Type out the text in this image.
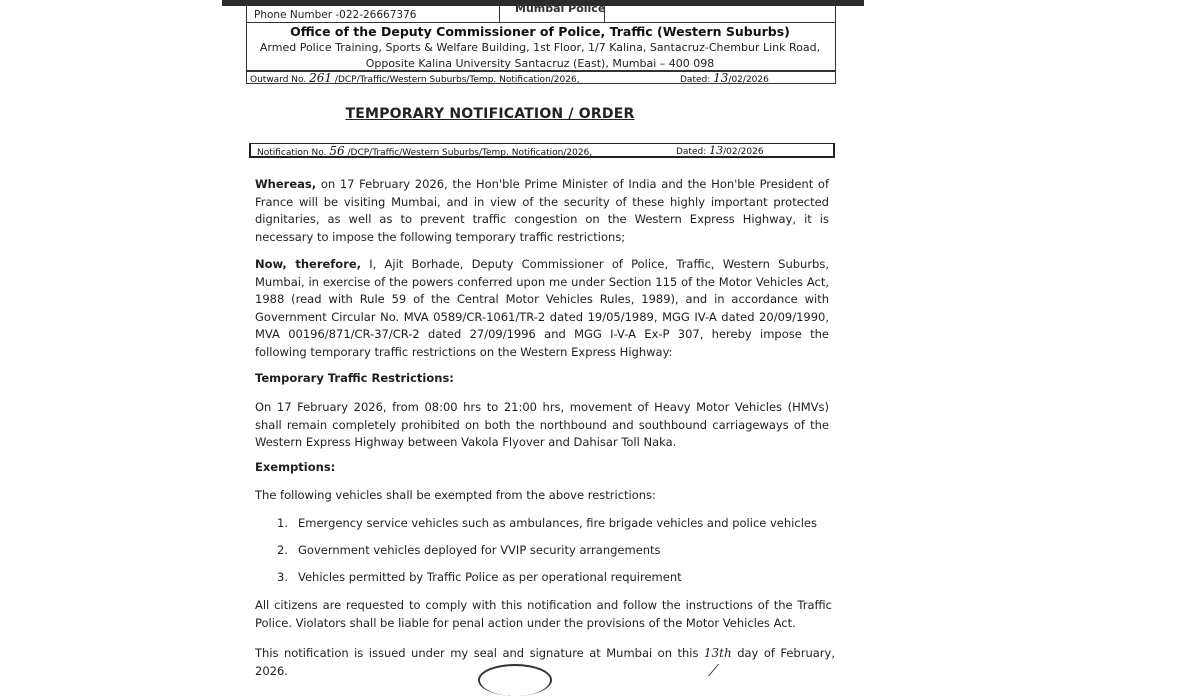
Phone Number -022-26667376	Mumbai Police
Office of the Deputy Commissioner of Police, Traffic (Western Suburbs)
Armed Police Training, Sports & Welfare Building, 1st Floor, 1/7 Kalina, Santacruz-Chembur Link Road,
Opposite Kalina University Santacruz (East), Mumbai – 400 098
Outward No. 261 /DCP/Traffic/Western Suburbs/Temp. Notification/2026,	Dated: 13/02/2026
TEMPORARY NOTIFICATION / ORDER
Notification No. 56 /DCP/Traffic/Western Suburbs/Temp. Notification/2026,	Dated: 13/02/2026
Whereas, on 17 February 2026, the Hon'ble Prime Minister of India and the Hon'ble President of France will be visiting Mumbai, and in view of the security of these highly important protected dignitaries, as well as to prevent traffic congestion on the Western Express Highway, it is necessary to impose the following temporary traffic restrictions;
Now, therefore, I, Ajit Borhade, Deputy Commissioner of Police, Traffic, Western Suburbs, Mumbai, in exercise of the powers conferred upon me under Section 115 of the Motor Vehicles Act, 1988 (read with Rule 59 of the Central Motor Vehicles Rules, 1989), and in accordance with Government Circular No. MVA 0589/CR-1061/TR-2 dated 19/05/1989, MGG IV-A dated 20/09/1990, MVA 00196/871/CR-37/CR-2 dated 27/09/1996 and MGG I-V-A Ex-P 307, hereby impose the following temporary traffic restrictions on the Western Express Highway:
Temporary Traffic Restrictions:
On 17 February 2026, from 08:00 hrs to 21:00 hrs, movement of Heavy Motor Vehicles (HMVs) shall remain completely prohibited on both the northbound and southbound carriageways of the Western Express Highway between Vakola Flyover and Dahisar Toll Naka.
Exemptions:
The following vehicles shall be exempted from the above restrictions:
1. Emergency service vehicles such as ambulances, fire brigade vehicles and police vehicles
2. Government vehicles deployed for VVIP security arrangements
3. Vehicles permitted by Traffic Police as per operational requirement
All citizens are requested to comply with this notification and follow the instructions of the Traffic Police. Violators shall be liable for penal action under the provisions of the Motor Vehicles Act.
This notification is issued under my seal and signature at Mumbai on this 13th day of February, 2026.	⟋
